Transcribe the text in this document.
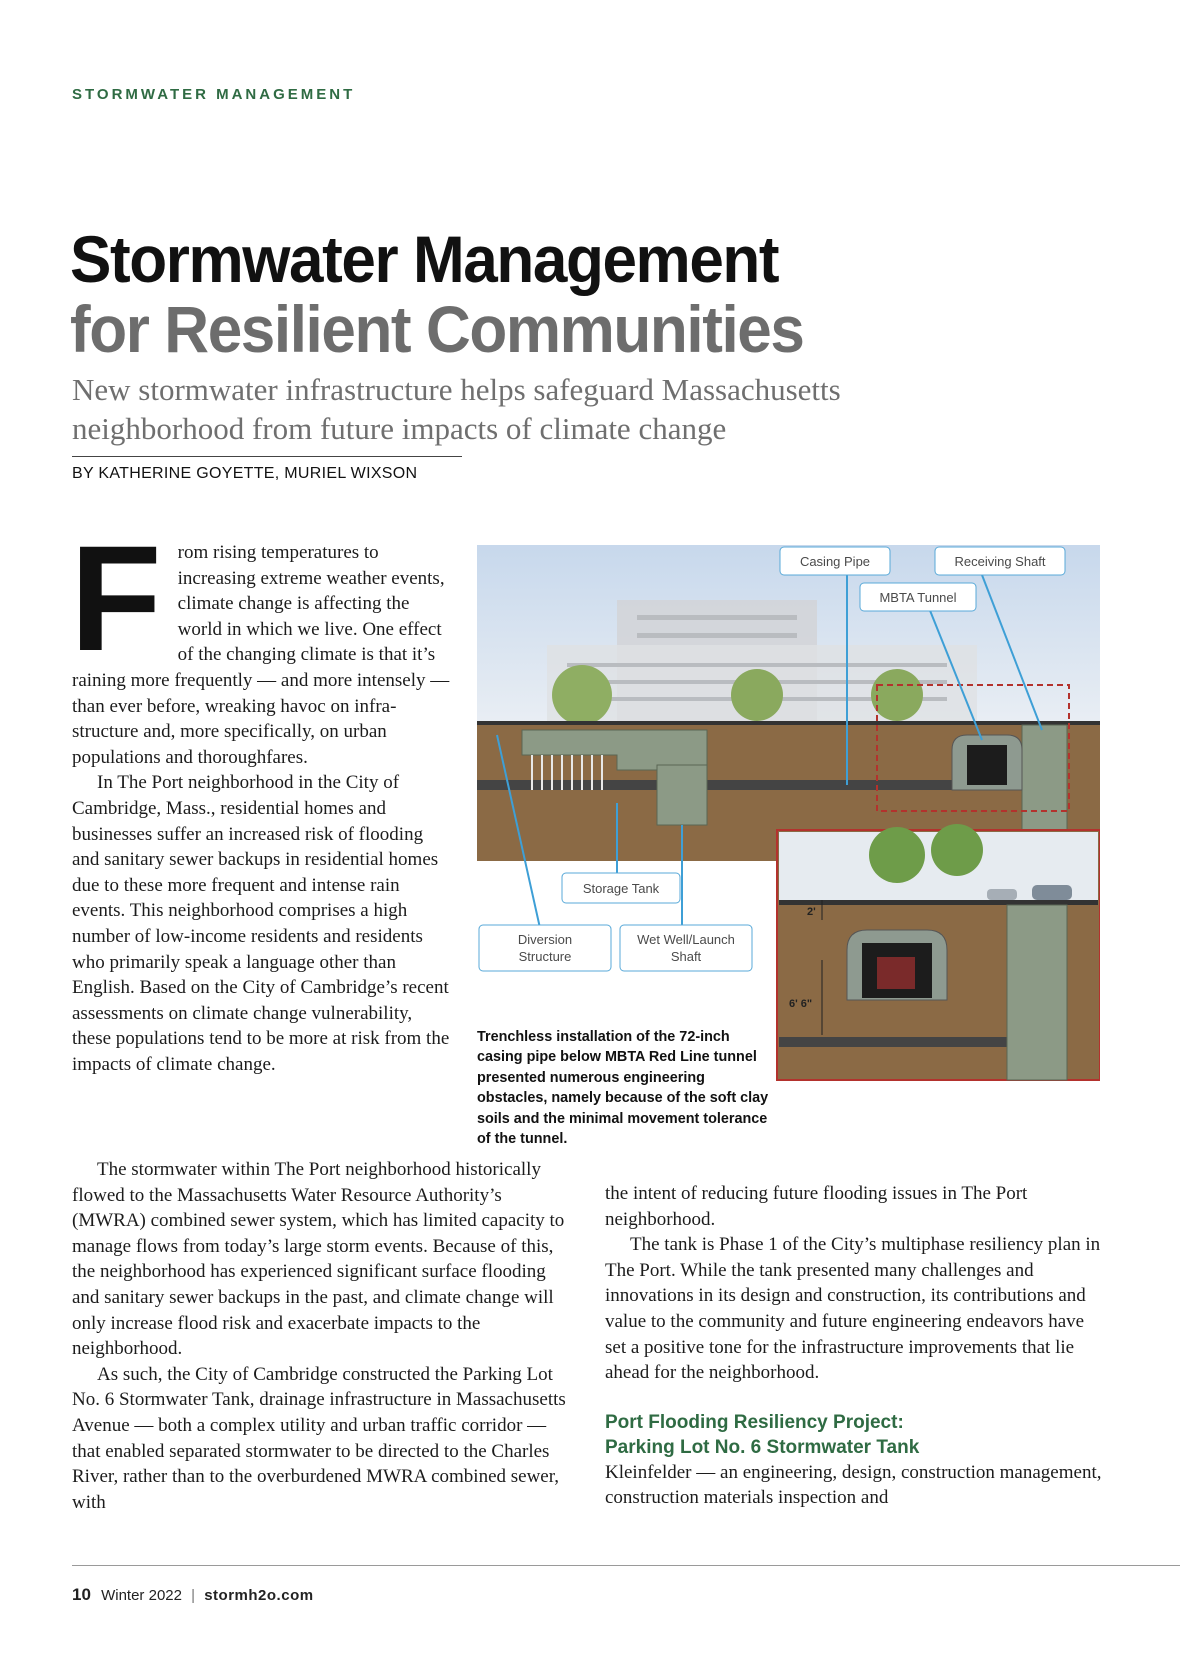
STORMWATER MANAGEMENT
Stormwater Management
for Resilient Communities
New stormwater infrastructure helps safeguard Massachusetts neighborhood from future impacts of climate change
BY KATHERINE GOYETTE, MURIEL WIXSON

From rising temperatures to increasing extreme weather events, climate change is affecting the world in which we live. One effect of the changing climate is that it’s raining more frequently — and more intensely — than ever before, wreaking havoc on infrastructure and, more specifically, on urban populations and thoroughfares.

In The Port neighborhood in the City of Cambridge, Mass., residential homes and businesses suffer an increased risk of flooding and sanitary sewer backups in residential homes due to these more frequent and intense rain events. This neighborhood comprises a high number of low-income residents and residents who primarily speak a language other than English. Based on the City of Cambridge’s recent assessments on climate change vulnerability, these populations tend to be more at risk from the impacts of climate change.

The stormwater within The Port neighborhood historically flowed to the Massachusetts Water Resource Authority’s (MWRA) combined sewer system, which has limited capacity to manage flows from today’s large storm events. Because of this, the neighborhood has experienced significant surface flooding and sanitary sewer backups in the past, and climate change will only increase flood risk and exacerbate impacts to the neighborhood.

As such, the City of Cambridge constructed the Parking Lot No. 6 Stormwater Tank, drainage infrastructure in Massachusetts Avenue — both a complex utility and urban traffic corridor — that enabled separated stormwater to be directed to the Charles River, rather than to the overburdened MWRA combined sewer, with

the intent of reducing future flooding issues in The Port neighborhood.

The tank is Phase 1 of the City’s multiphase resiliency plan in The Port. While the tank presented many challenges and innovations in its design and construction, its contributions and value to the community and future engineering endeavors have set a positive tone for the infrastructure improvements that lie ahead for the neighborhood.

Port Flooding Resiliency Project:
Parking Lot No. 6 Stormwater Tank

Kleinfelder — an engineering, design, construction management, construction materials inspection and

2'
6' 6"
Casing Pipe	Receiving Shaft
MBTA Tunnel
Storage Tank
Diversion
Structure
Wet Well/Launch
Shaft
Trenchless installation of the 72-inch casing pipe below MBTA Red Line tunnel presented numerous engineering obstacles, namely because of the soft clay soils and the minimal movement tolerance of the tunnel.
10 Winter 2022 | stormh2o.com
